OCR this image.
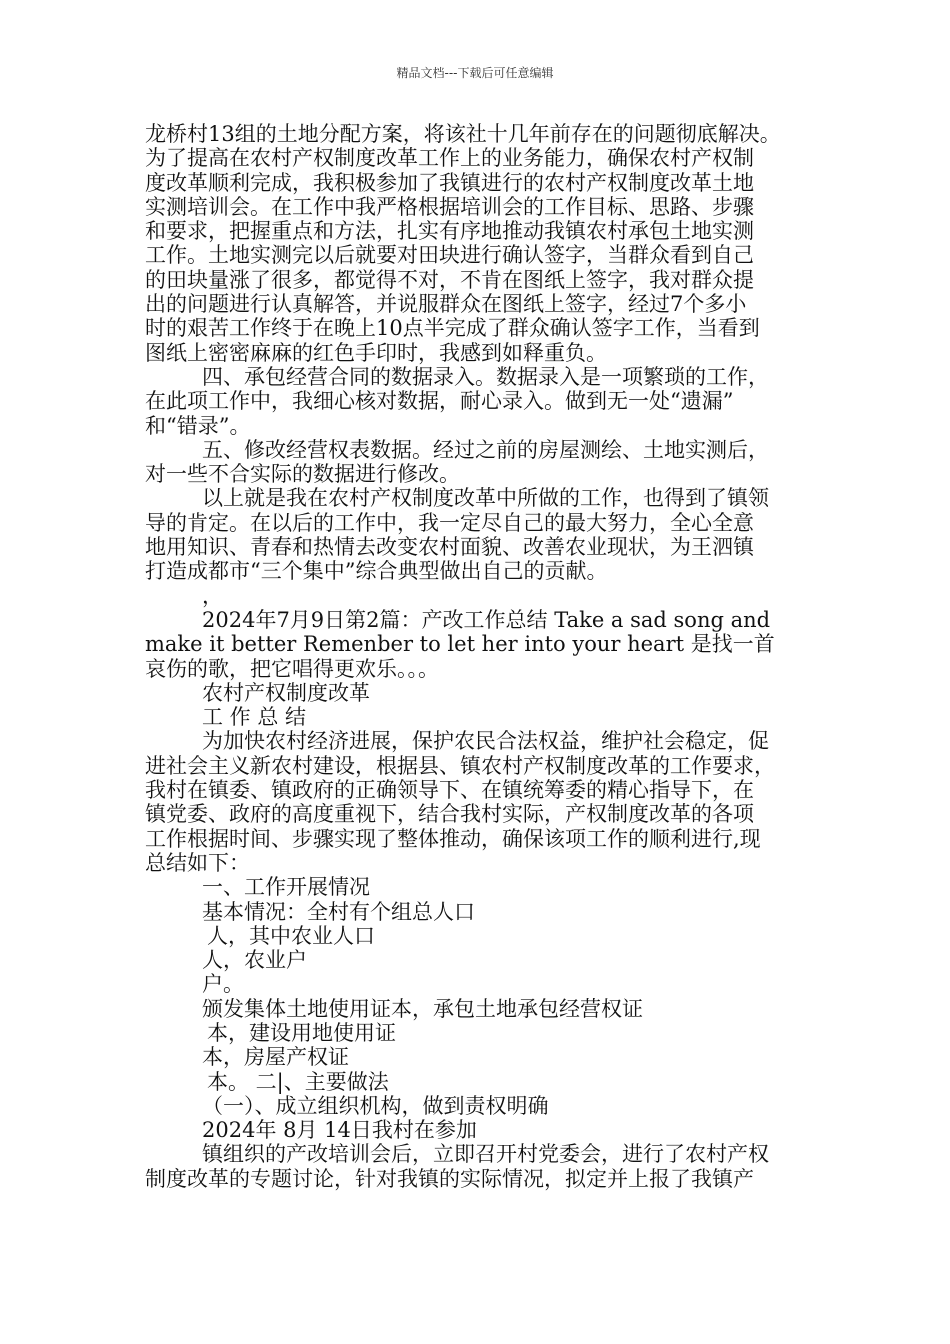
精品文档---下载后可任意编辑
龙桥村13组的土地分配方案，将该社十几年前存在的问题彻底解决。
为了提高在农村产权制度改革工作上的业务能力，确保农村产权制
度改革顺利完成，我积极参加了我镇进行的农村产权制度改革土地
实测培训会。在工作中我严格根据培训会的工作目标、思路、步骤
和要求，把握重点和方法，扎实有序地推动我镇农村承包土地实测
工作。土地实测完以后就要对田块进行确认签字，当群众看到自己
的田块量涨了很多，都觉得不对，不肯在图纸上签字，我对群众提
出的问题进行认真解答，并说服群众在图纸上签字，经过7个多小
时的艰苦工作终于在晚上10点半完成了群众确认签字工作，当看到
图纸上密密麻麻的红色手印时，我感到如释重负。
四、承包经营合同的数据录入。数据录入是一项繁琐的工作，
在此项工作中，我细心核对数据，耐心录入。做到无一处“遗漏”
和“错录”。
五、修改经营权表数据。经过之前的房屋测绘、土地实测后，
对一些不合实际的数据进行修改。
以上就是我在农村产权制度改革中所做的工作，也得到了镇领
导的肯定。在以后的工作中，我一定尽自己的最大努力，全心全意
地用知识、青春和热情去改变农村面貌、改善农业现状，为王泗镇
打造成都市“三个集中”综合典型做出自己的贡献。
，
2024年7月9日第2篇：产改工作总结 Take a sad song and
make it better Remenber to let her into your heart 是找一首
哀伤的歌，把它唱得更欢乐。。。
农村产权制度改革
工 作 总 结
为加快农村经济进展，保护农民合法权益，维护社会稳定，促
进社会主义新农村建设，根据县、镇农村产权制度改革的工作要求，
我村在镇委、镇政府的正确领导下、在镇统筹委的精心指导下，在
镇党委、政府的高度重视下，结合我村实际，产权制度改革的各项
工作根据时间、步骤实现了整体推动，确保该项工作的顺利进行,现
总结如下：
一、工作开展情况
基本情况：全村有个组总人口
人，其中农业人口
人，农业户
户。
颁发集体土地使用证本，承包土地承包经营权证
本，建设用地使用证
本，房屋产权证
本。 二|、主要做法
（一）、成立组织机构，做到责权明确
2024年 8月 14日我村在参加
镇组织的产改培训会后，立即召开村党委会，进行了农村产权
制度改革的专题讨论，针对我镇的实际情况，拟定并上报了我镇产
